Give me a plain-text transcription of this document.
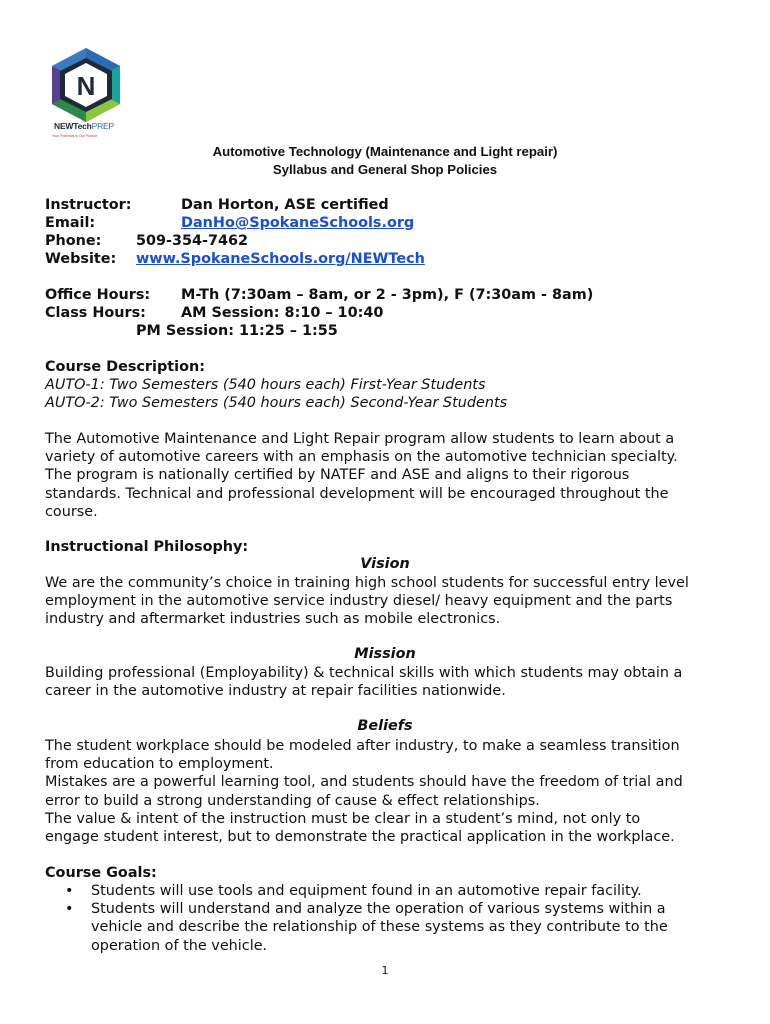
N
NEWTechPREP
Your Potential is Our Pursuit
Automotive Technology (Maintenance and Light repair)
Syllabus and General Shop Policies
Instructor:	Dan Horton, ASE certified
Email:	DanHo@SpokaneSchools.org
Phone: 509-354-7462
Website: www.SpokaneSchools.org/NEWTech
Office Hours: M-Th (7:30am – 8am, or 2 - 3pm), F (7:30am - 8am)
Class Hours: AM Session: 8:10 – 10:40
PM Session: 11:25 – 1:55
Course Description:
AUTO-1: Two Semesters (540 hours each) First-Year Students
AUTO-2: Two Semesters (540 hours each) Second-Year Students
The Automotive Maintenance and Light Repair program allow students to learn about a
variety of automotive careers with an emphasis on the automotive technician specialty.
The program is nationally certified by NATEF and ASE and aligns to their rigorous
standards. Technical and professional development will be encouraged throughout the
course.
Instructional Philosophy:
Vision
We are the community’s choice in training high school students for successful entry level
employment in the automotive service industry diesel/ heavy equipment and the parts
industry and aftermarket industries such as mobile electronics.
Mission
Building professional (Employability) & technical skills with which students may obtain a
career in the automotive industry at repair facilities nationwide.
Beliefs
The student workplace should be modeled after industry, to make a seamless transition
from education to employment.
Mistakes are a powerful learning tool, and students should have the freedom of trial and
error to build a strong understanding of cause & effect relationships.
The value & intent of the instruction must be clear in a student’s mind, not only to
engage student interest, but to demonstrate the practical application in the workplace.
Course Goals:
• Students will use tools and equipment found in an automotive repair facility.
• Students will understand and analyze the operation of various systems within a
vehicle and describe the relationship of these systems as they contribute to the
operation of the vehicle.
1
